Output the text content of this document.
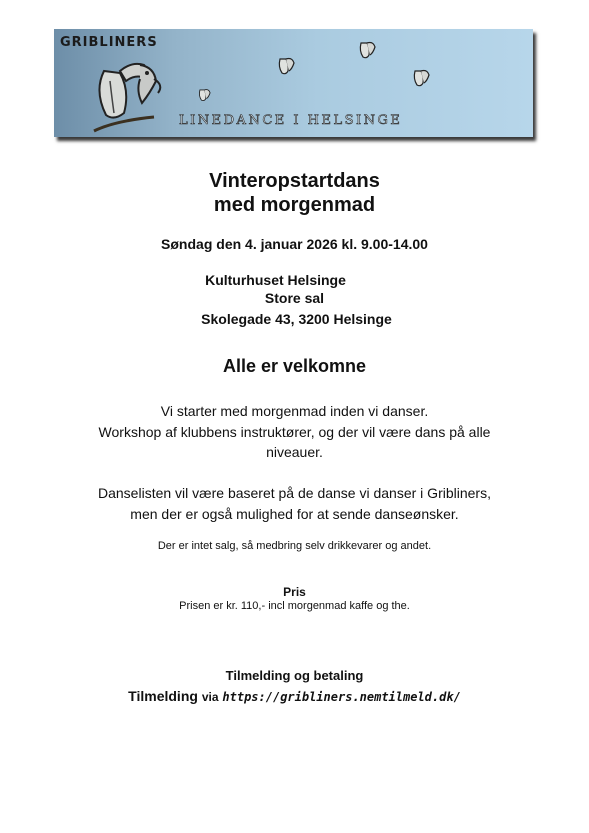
GRIBLINERS
LINEDANCE I HELSINGE

Vinteropstartdans

med morgenmad

Søndag den 4. januar 2026 kl. 9.00-14.00

Kulturhuset Helsinge

Store sal

Skolegade 43, 3200 Helsinge

Alle er velkomne

Vi starter med morgenmad inden vi danser.

Workshop af klubbens instruktører, og der vil være dans på alle

niveauer.

Danselisten vil være baseret på de danse vi danser i Gribliners,

men der er også mulighed for at sende danseønsker.

Der er intet salg, så medbring selv drikkevarer og andet.

Pris

Prisen er kr. 110,- incl morgenmad kaffe og the.

Tilmelding og betaling

Tilmelding via https://gribliners.nemtilmeld.dk/
